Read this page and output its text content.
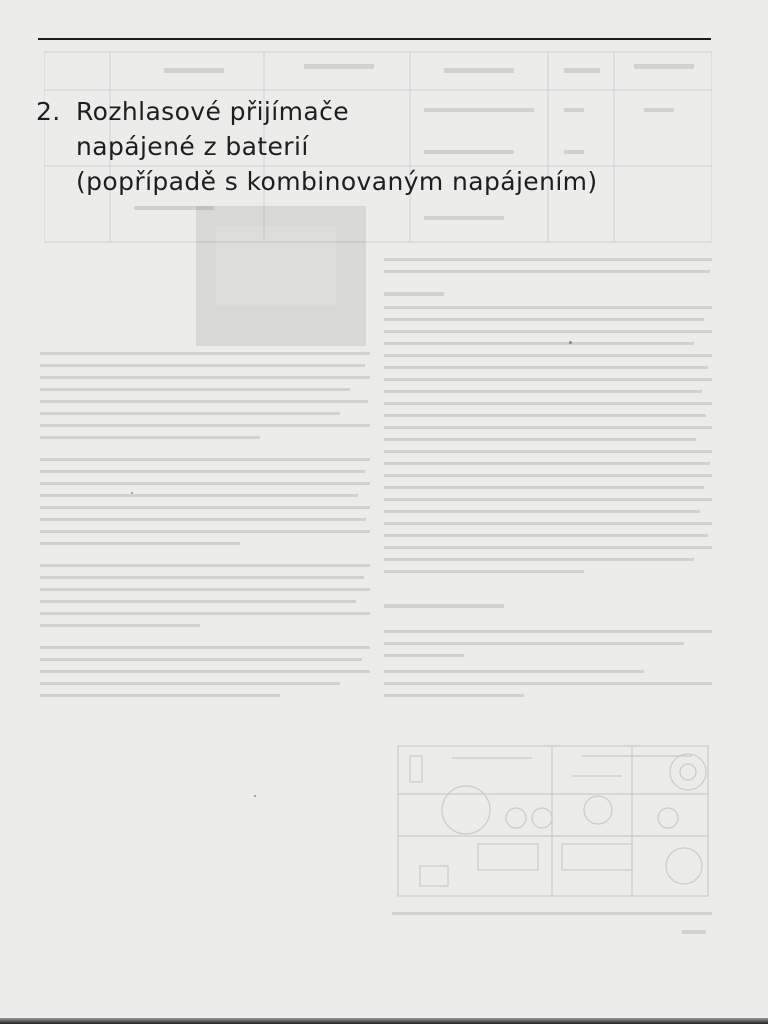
2. Rozhlasové přijímače
napájené z baterií
(popřípadě s kombinovaným napájením)
